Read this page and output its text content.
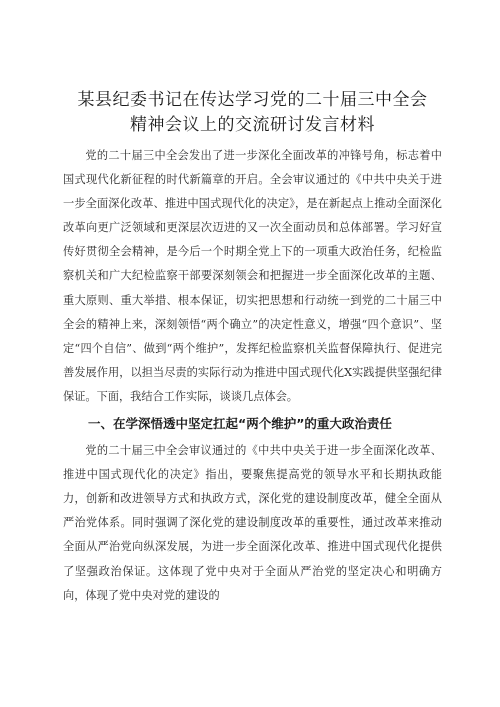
某县纪委书记在传达学习党的二十届三中全会
精神会议上的交流研讨发言材料

党的二十届三中全会发出了进一步深化全面改革的冲锋号角，标志着中国式现代化新征程的时代新篇章的开启。全会审议通过的《中共中央关于进一步全面深化改革、推进中国式现代化的决定》，是在新起点上推动全面深化改革向更广泛领域和更深层次迈进的又一次全面动员和总体部署。学习好宣传好贯彻全会精神，是今后一个时期全党上下的一项重大政治任务，纪检监察机关和广大纪检监察干部要深刻领会和把握进一步全面深化改革的主题、重大原则、重大举措、根本保证，切实把思想和行动统一到党的二十届三中全会的精神上来，深刻领悟“两个确立”的决定性意义，增强“四个意识”、坚定“四个自信”、做到“两个维护”，发挥纪检监察机关监督保障执行、促进完善发展作用，以担当尽责的实际行动为推进中国式现代化X实践提供坚强纪律保证。下面，我结合工作实际，谈谈几点体会。

一、在学深悟透中坚定扛起“两个维护”的重大政治责任

党的二十届三中全会审议通过的《中共中央关于进一步全面深化改革、推进中国式现代化的决定》指出，要聚焦提高党的领导水平和长期执政能力，创新和改进领导方式和执政方式，深化党的建设制度改革，健全全面从严治党体系。同时强调了深化党的建设制度改革的重要性，通过改革来推动全面从严治党向纵深发展，为进一步全面深化改革、推进中国式现代化提供了坚强政治保证。这体现了党中央对于全面从严治党的坚定决心和明确方向，体现了党中央对党的建设的
